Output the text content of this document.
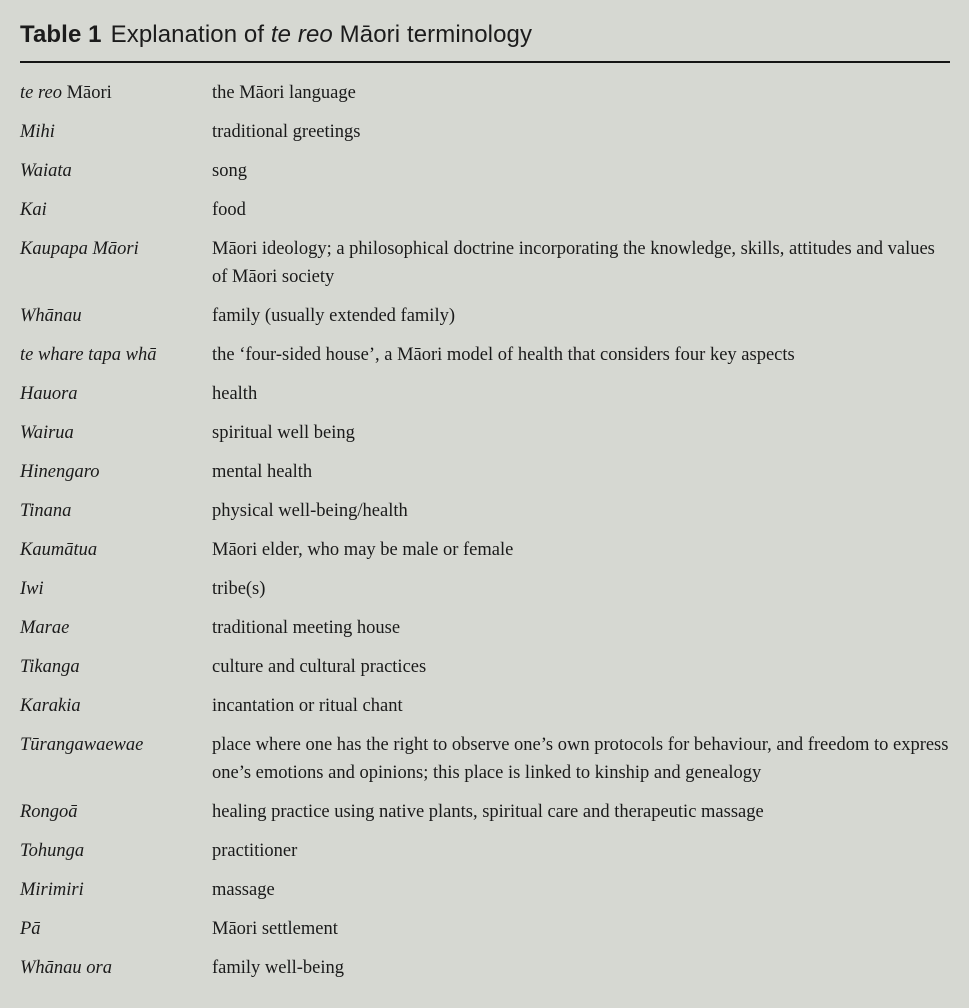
Table 1 Explanation of te reo Māori terminology
te reo Māori	the Māori language
Mihi	traditional greetings
Waiata	song
Kai	food
Kaupapa Māori	Māori ideology; a philosophical doctrine incorporating the knowledge, skills, attitudes and values of Māori society
Whānau	family (usually extended family)
te whare tapa whā	the ‘four-sided house’, a Māori model of health that considers four key aspects
Hauora	health
Wairua	spiritual well being
Hinengaro	mental health
Tinana	physical well-being/health
Kaumātua	Māori elder, who may be male or female
Iwi	tribe(s)
Marae	traditional meeting house
Tikanga	culture and cultural practices
Karakia	incantation or ritual chant
Tūrangawaewae	place where one has the right to observe one’s own protocols for behaviour, and freedom to express one’s emotions and opinions; this place is linked to kinship and genealogy
Rongoā	healing practice using native plants, spiritual care and therapeutic massage
Tohunga	practitioner
Mirimiri	massage
Pā	Māori settlement
Whānau ora	family well-being
